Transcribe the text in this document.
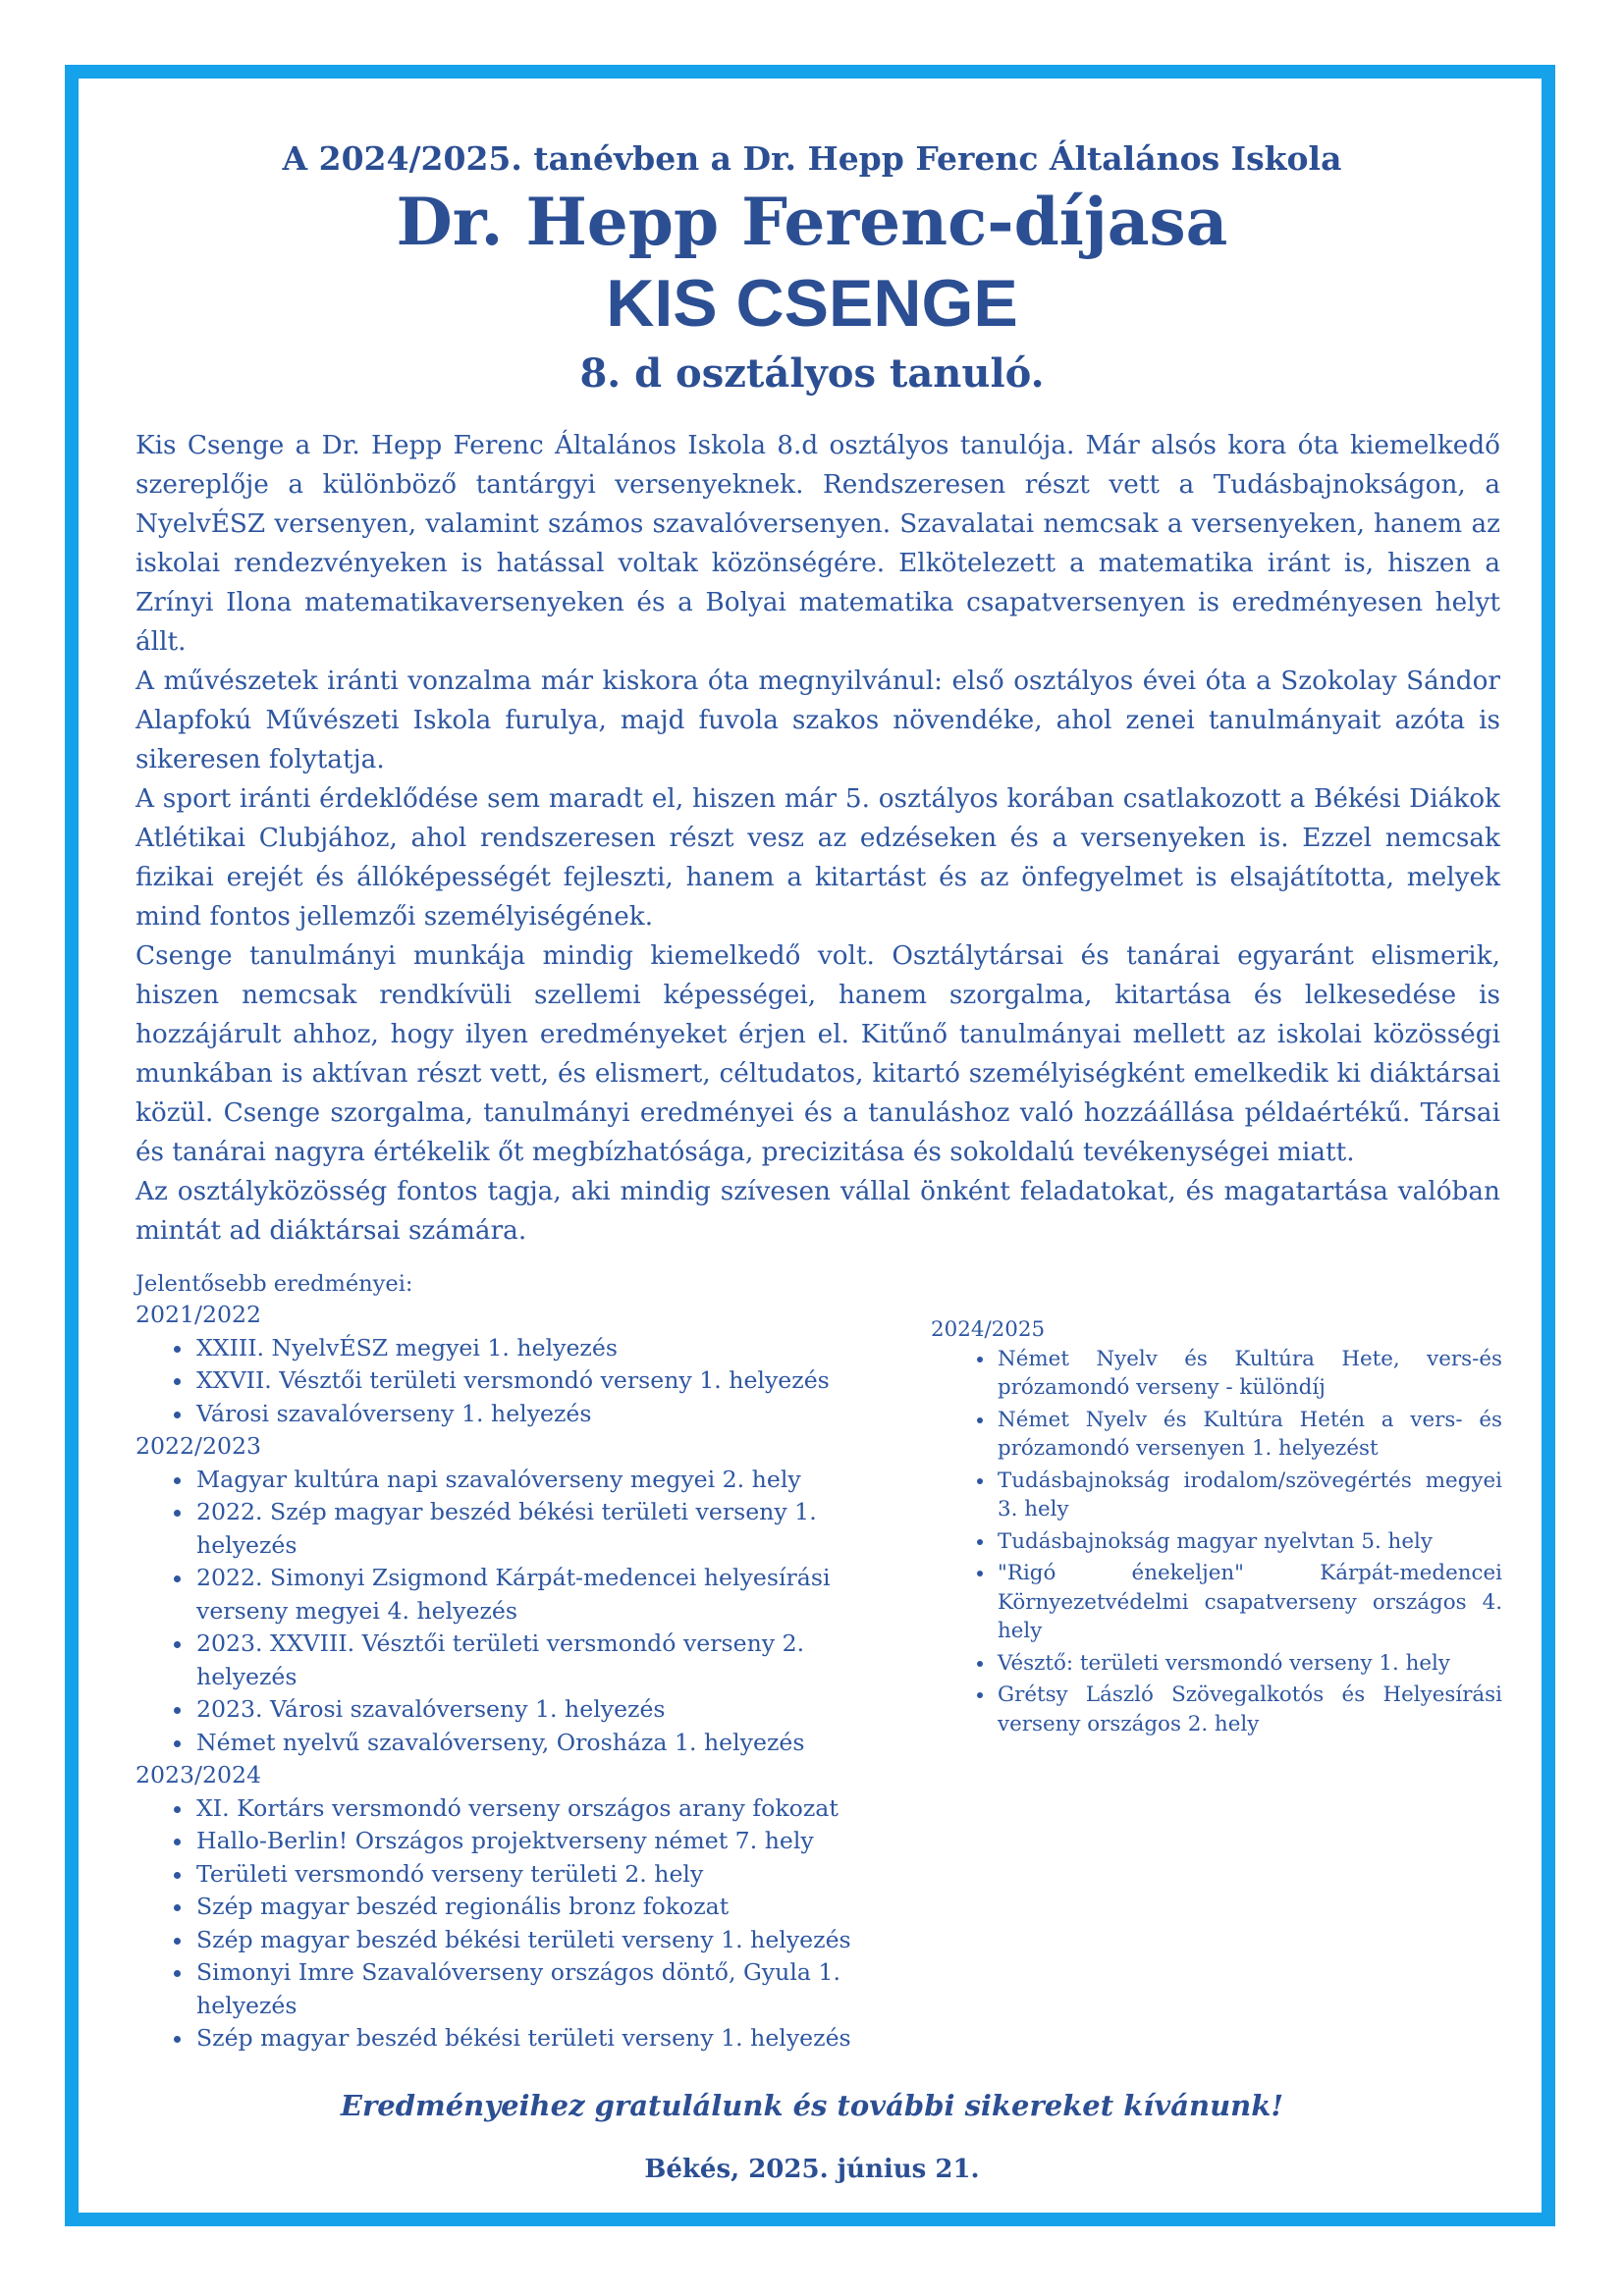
A 2024/2025. tanévben a Dr. Hepp Ferenc Általános Iskola
Dr. Hepp Ferenc-díjasa
KIS CSENGE
8. d osztályos tanuló.

Kis Csenge a Dr. Hepp Ferenc Általános Iskola 8.d osztályos tanulója. Már alsós kora óta kiemelkedő szereplője a különböző tantárgyi versenyeknek. Rendszeresen részt vett a Tudásbajnokságon, a NyelvÉSZ versenyen, valamint számos szavalóversenyen. Szavalatai nemcsak a versenyeken, hanem az iskolai rendezvényeken is hatással voltak közönségére. Elkötelezett a matematika iránt is, hiszen a Zrínyi Ilona matematikaversenyeken és a Bolyai matematika csapatversenyen is eredményesen helyt állt.

A művészetek iránti vonzalma már kiskora óta megnyilvánul: első osztályos évei óta a Szokolay Sándor Alapfokú Művészeti Iskola furulya, majd fuvola szakos növendéke, ahol zenei tanulmányait azóta is sikeresen folytatja.

A sport iránti érdeklődése sem maradt el, hiszen már 5. osztályos korában csatlakozott a Békési Diákok Atlétikai Clubjához, ahol rendszeresen részt vesz az edzéseken és a versenyeken is. Ezzel nemcsak fizikai erejét és állóképességét fejleszti, hanem a kitartást és az önfegyelmet is elsajátította, melyek mind fontos jellemzői személyiségének.

Csenge tanulmányi munkája mindig kiemelkedő volt. Osztálytársai és tanárai egyaránt elismerik, hiszen nemcsak rendkívüli szellemi képességei, hanem szorgalma, kitartása és lelkesedése is hozzájárult ahhoz, hogy ilyen eredményeket érjen el. Kitűnő tanulmányai mellett az iskolai közösségi munkában is aktívan részt vett, és elismert, céltudatos, kitartó személyiségként emelkedik ki diáktársai közül. Csenge szorgalma, tanulmányi eredményei és a tanuláshoz való hozzáállása példaértékű. Társai és tanárai nagyra értékelik őt megbízhatósága, precizitása és sokoldalú tevékenységei miatt.

Az osztályközösség fontos tagja, aki mindig szívesen vállal önként feladatokat, és magatartása valóban mintát ad diáktársai számára.

Jelentősebb eredményei:
2021/2022
• XXIII. NyelvÉSZ megyei 1. helyezés
• XXVII. Vésztői területi versmondó verseny 1. helyezés
• Városi szavalóverseny 1. helyezés
2022/2023
• Magyar kultúra napi szavalóverseny megyei 2. hely
• 2022. Szép magyar beszéd békési területi verseny 1. helyezés
• 2022. Simonyi Zsigmond Kárpát-medencei helyesírási verseny megyei 4. helyezés
• 2023. XXVIII. Vésztői területi versmondó verseny 2. helyezés
• 2023. Városi szavalóverseny 1. helyezés
• Német nyelvű szavalóverseny, Orosháza 1. helyezés
2023/2024
• XI. Kortárs versmondó verseny országos arany fokozat
• Hallo-Berlin! Országos projektverseny német 7. hely
• Területi versmondó verseny területi 2. hely
• Szép magyar beszéd regionális bronz fokozat
• Szép magyar beszéd békési területi verseny 1. helyezés
• Simonyi Imre Szavalóverseny országos döntő, Gyula 1. helyezés
• Szép magyar beszéd békési területi verseny 1. helyezés
2024/2025
• Német Nyelv és Kultúra Hete, vers-és prózamondó verseny - különdíj
• Német Nyelv és Kultúra Hetén a vers- és prózamondó versenyen 1. helyezést
• Tudásbajnokság irodalom/szövegértés megyei 3. hely
• Tudásbajnokság magyar nyelvtan 5. hely
• "Rigó énekeljen" Kárpát-medencei Környezetvédelmi csapatverseny országos 4. hely
• Vésztő: területi versmondó verseny 1. hely
• Grétsy László Szövegalkotós és Helyesírási verseny országos 2. hely
Eredményeihez gratulálunk és további sikereket kívánunk!
Békés, 2025. június 21.
